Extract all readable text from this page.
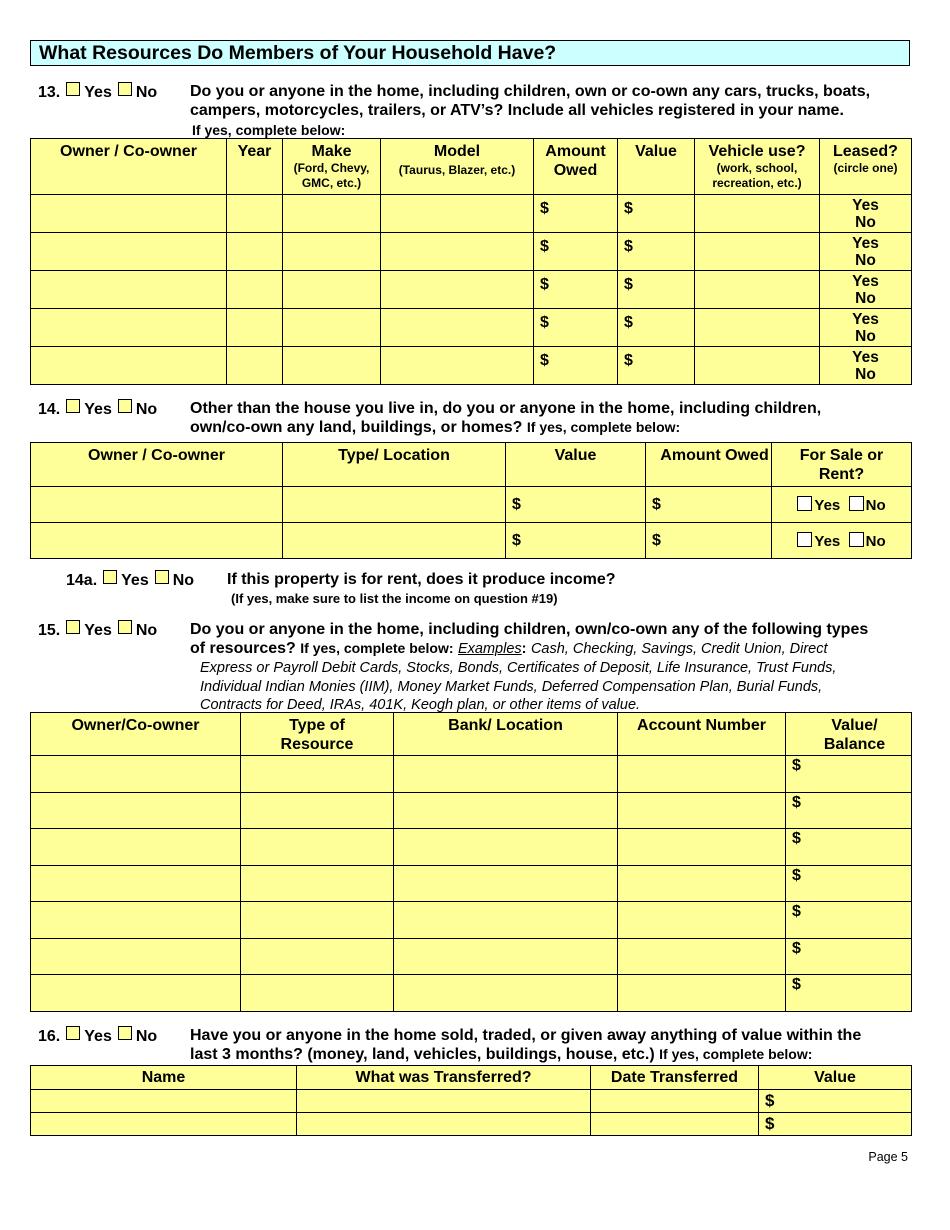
What Resources Do Members of Your Household Have?
13. Yes No Do you or anyone in the home, including children, own or co-own any cars, trucks, boats,
campers, motorcycles, trailers, or ATV’s? Include all vehicles registered in your name.
If yes, complete below:
Owner / Co-owner	Year	Make
(Ford, Chevy, GMC, etc.)	Model
(Taurus, Blazer, etc.)	Amount Owed	Value	Vehicle use?
(work, school, recreation, etc.)	Leased?
(circle one)

				$	$		Yes
No

				$	$		Yes
No

				$	$		Yes
No

				$	$		Yes
No

				$	$		Yes
No
14. Yes No Other than the house you live in, do you or anyone in the home, including children,
own/co-own any land, buildings, or homes? If yes, complete below:
Owner / Co-owner	Type/ Location	Value	Amount Owed	For Sale or Rent?
		$	$	Yes No
		$	$	Yes No
14a. Yes No If this property is for rent, does it produce income?
(If yes, make sure to list the income on question #19)
15. Yes No Do you or anyone in the home, including children, own/co-own any of the following types
of resources? If yes, complete below: Examples: Cash, Checking, Savings, Credit Union, Direct
Express or Payroll Debit Cards, Stocks, Bonds, Certificates of Deposit, Life Insurance, Trust Funds,
Individual Indian Monies (IIM), Money Market Funds, Deferred Compensation Plan, Burial Funds,
Contracts for Deed, IRAs, 401K, Keogh plan, or other items of value.
Owner/Co-owner	Type of Resource	Bank/ Location	Account Number	Value/ Balance
				$
				$
				$
				$
				$
				$
				$
16. Yes No Have you or anyone in the home sold, traded, or given away anything of value within the
last 3 months? (money, land, vehicles, buildings, house, etc.) If yes, complete below:
Name	What was Transferred?	Date Transferred	Value
			$
			$
Page 5
